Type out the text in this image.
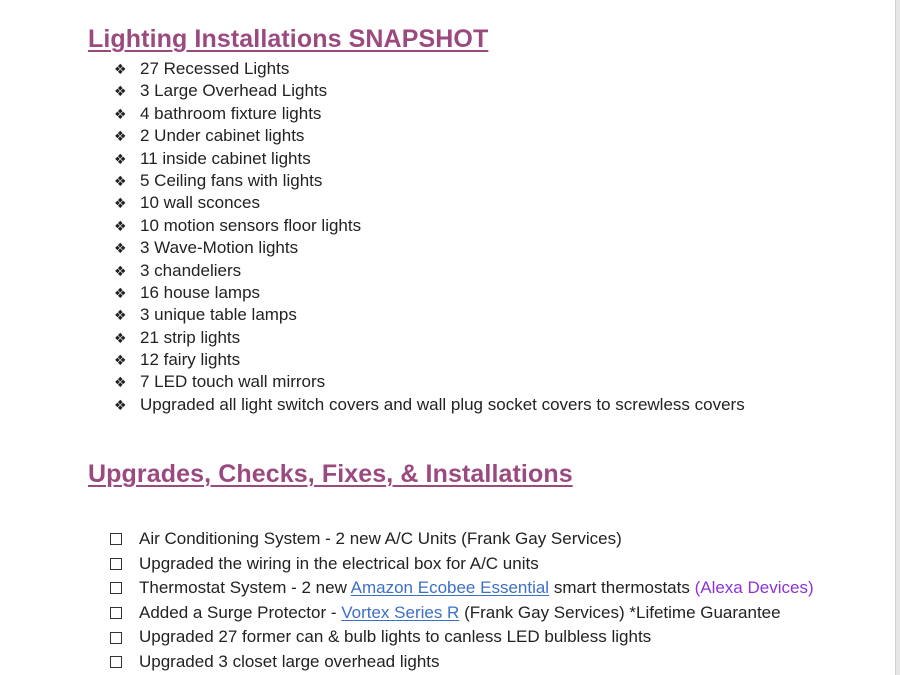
Lighting Installations SNAPSHOT
❖ 27 Recessed Lights
❖ 3 Large Overhead Lights
❖ 4 bathroom fixture lights
❖ 2 Under cabinet lights
❖ 11 inside cabinet lights
❖ 5 Ceiling fans with lights
❖ 10 wall sconces
❖ 10 motion sensors floor lights
❖ 3 Wave-Motion lights
❖ 3 chandeliers
❖ 16 house lamps
❖ 3 unique table lamps
❖ 21 strip lights
❖ 12 fairy lights
❖ 7 LED touch wall mirrors
❖ Upgraded all light switch covers and wall plug socket covers to screwless covers
Upgrades, Checks, Fixes, & Installations
Air Conditioning System - 2 new A/C Units (Frank Gay Services)
Upgraded the wiring in the electrical box for A/C units
Thermostat System - 2 new Amazon Ecobee Essential smart thermostats (Alexa Devices)
Added a Surge Protector - Vortex Series R (Frank Gay Services) *Lifetime Guarantee
Upgraded 27 former can & bulb lights to canless LED bulbless lights
Upgraded 3 closet large overhead lights
